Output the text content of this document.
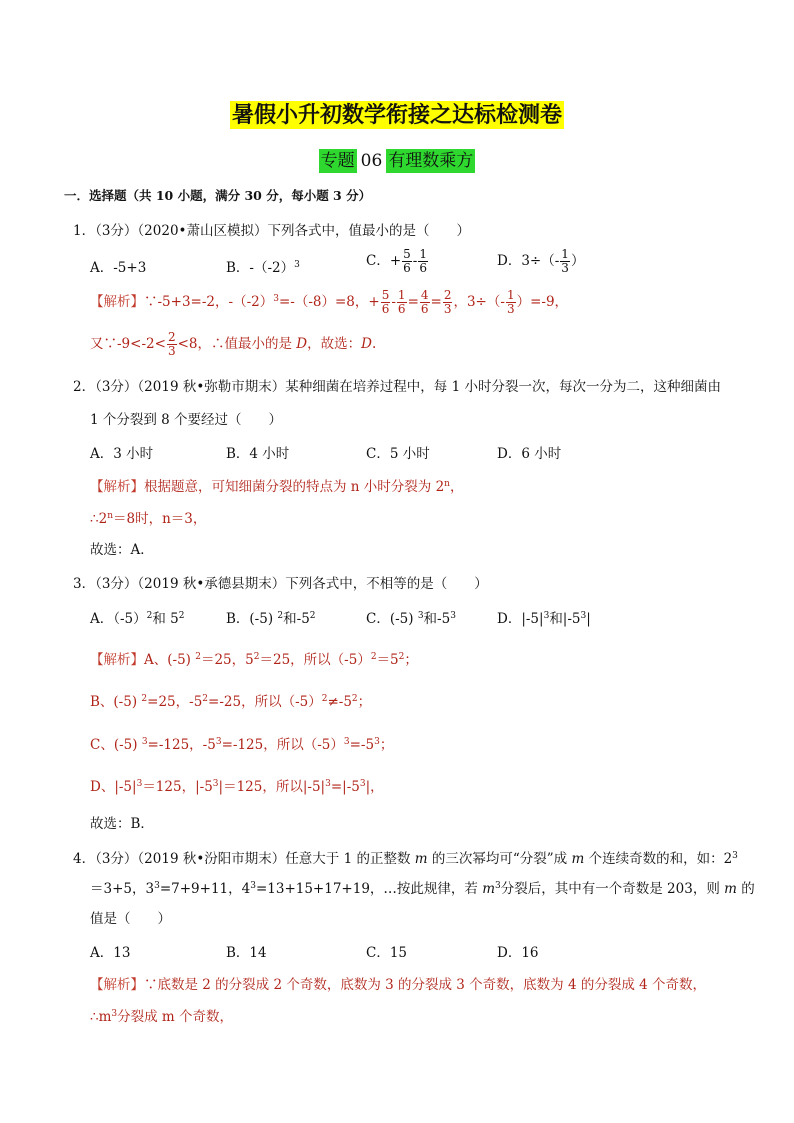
暑假小升初数学衔接之达标检测卷
专题 06 有理数乘方
一．选择题（共 10 小题，满分 30 分，每小题 3 分）
1．（3分）（2020•萧山区模拟）下列各式中，值最小的是（　　）
A．-5+3	B．$-(-2)^3$	C．+ $\frac{5}{6} - \frac{1}{6}$	D．$3\div(- \frac{1}{3}$ ）
【解析】∵-5+3=-2，$-(-2)^3=-(-8)=8$，+ $\frac{5}{6} - \frac{1}{6} = \frac{4}{6} = \frac{2}{3}$ ，$3\div(- \frac{1}{3} )=-9$，
又∵-9<-2< $\frac{2}{3} <8$，∴值最小的是 D，故选：D.
2．（3分）（2019 秋•弥勒市期末）某种细菌在培养过程中，每 1 小时分裂一次，每次一分为二，这种细菌由
1 个分裂到 8 个要经过（　　）
A．3 小时	B．4 小时	C．5 小时	D．6 小时
【解析】根据题意，可知细菌分裂的特点为 n 小时分裂为 2$^n$，
$\therefore 2^n=8$时，n＝3，
故选：A．
3．（3分）（2019 秋•承德县期末）下列各式中，不相等的是（　　）
A．$(-5)^2$和 $5^2$	B．(-5) $^2$和$-5^2$	C．(-5) $^3$和$-5^3$	D．$|-5|^3$和$|-5^3|$
【解析】A、(-5) $^2$＝25，$5^2=25$，所以$(-5)^2=5^2$；
B、(-5) $^2$=25，$-5^2=-25$，所以$(-5)^2\ne-5^2$；
C、(-5) $^3$=-125，$-5^3=-125$，所以$(-5)^3=-5^3$；
D、$|-5|^3=125$，$|-5^3|=125$，所以$|-5|^3=|-5^3|$，
故选：B．
4．（3分）（2019 秋•汾阳市期末）任意大于 1 的正整数 m 的三次幂均可“分裂”成 m 个连续奇数的和，如：$2^3$
＝3+5，$3^3=7+9+11$，$4^3=13+15+17+19$，…按此规律，若 $m^3$分裂后，其中有一个奇数是 203，则 m 的
值是（　　）
A．13	B．14	C．15	D．16
【解析】∵底数是 2 的分裂成 2 个奇数，底数为 3 的分裂成 3 个奇数，底数为 4 的分裂成 4 个奇数，
$\therefore m^3$分裂成 m 个奇数，
